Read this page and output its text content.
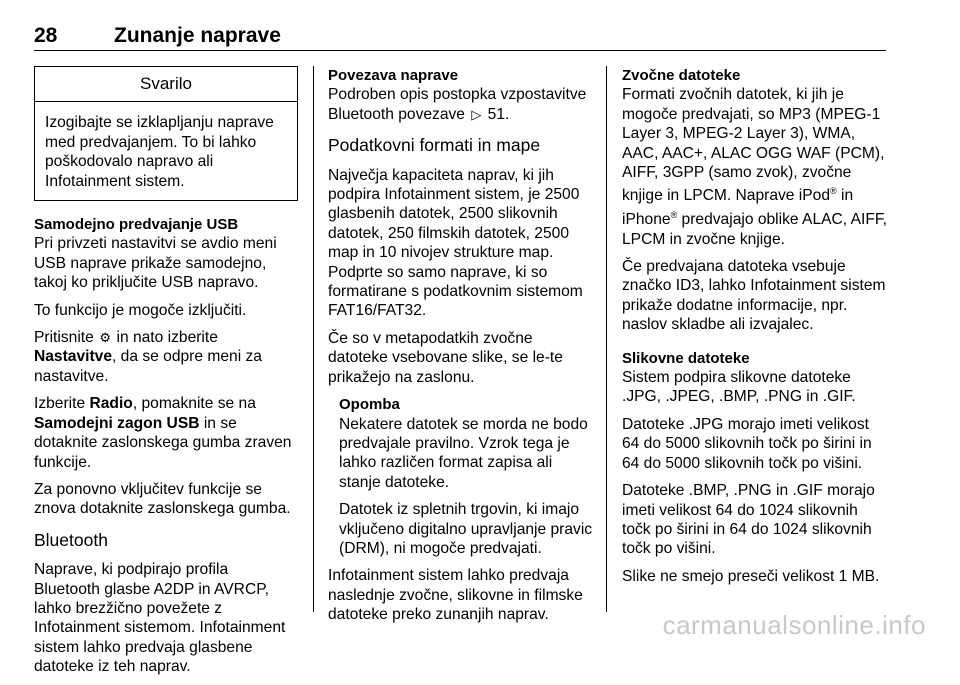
28	Zunanje naprave
Svarilo
Izogibajte se izklapljanju naprave med predvajanjem. To bi lahko poškodovalo napravo ali Infotainment sistem.
Samodejno predvajanje USB

Pri privzeti nastavitvi se avdio meni USB naprave prikaže samodejno, takoj ko priključite USB napravo.

To funkcijo je mogoče izključiti.

Pritisnite ⚙ in nato izberite
Nastavitve, da se odpre meni za nastavitve.

Izberite Radio, pomaknite se na
Samodejni zagon USB in se dotaknite zaslonskega gumba zraven funkcije.

Za ponovno vključitev funkcije se znova dotaknite zaslonskega gumba.

Bluetooth

Naprave, ki podpirajo profila Bluetooth glasbe A2DP in AVRCP, lahko brezžično povežete z Infotainment sistemom. Infotainment sistem lahko predvaja glasbene datoteke iz teh naprav.

Povezava naprave

Podroben opis postopka vzpostavitve Bluetooth povezave ▷ 51.

Podatkovni formati in mape

Največja kapaciteta naprav, ki jih podpira Infotainment sistem, je 2500 glasbenih datotek, 2500 slikovnih datotek, 250 filmskih datotek, 2500 map in 10 nivojev strukture map. Podprte so samo naprave, ki so formatirane s podatkovnim sistemom FAT16/FAT32.

Če so v metapodatkih zvočne datoteke vsebovane slike, se le-te prikažejo na zaslonu.

Opomba

Nekatere datotek se morda ne bodo predvajale pravilno. Vzrok tega je lahko različen format zapisa ali stanje datoteke.

Datotek iz spletnih trgovin, ki imajo vključeno digitalno upravljanje pravic (DRM), ni mogoče predvajati.

Infotainment sistem lahko predvaja naslednje zvočne, slikovne in filmske datoteke preko zunanjih naprav.

Zvočne datoteke

Formati zvočnih datotek, ki jih je mogoče predvajati, so MP3 (MPEG-1 Layer 3, MPEG-2 Layer 3), WMA, AAC, AAC+, ALAC OGG WAF (PCM), AIFF, 3GPP (samo zvok), zvočne knjige in LPCM. Naprave iPod® in iPhone® predvajajo oblike ALAC, AIFF, LPCM in zvočne knjige.

Če predvajana datoteka vsebuje značko ID3, lahko Infotainment sistem prikaže dodatne informacije, npr. naslov skladbe ali izvajalec.

Slikovne datoteke

Sistem podpira slikovne datoteke .JPG, .JPEG, .BMP, .PNG in .GIF.

Datoteke .JPG morajo imeti velikost 64 do 5000 slikovnih točk po širini in 64 do 5000 slikovnih točk po višini.

Datoteke .BMP, .PNG in .GIF morajo imeti velikost 64 do 1024 slikovnih točk po širini in 64 do 1024 slikovnih točk po višini.

Slike ne smejo preseči velikost 1 MB.

carmanualsonline.info
